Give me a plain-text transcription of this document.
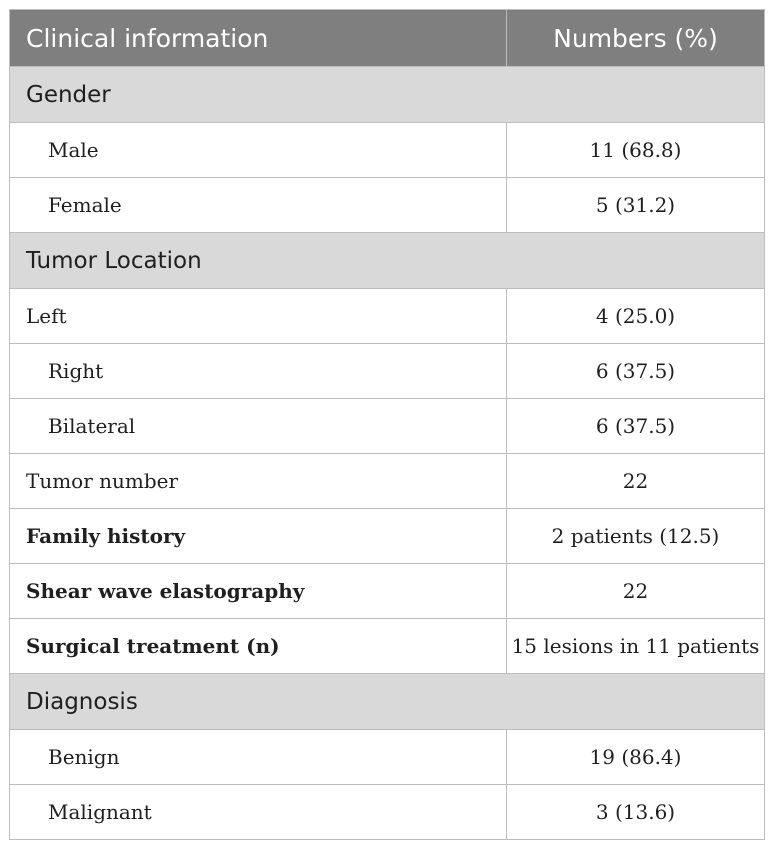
Clinical information	Numbers (%)
Gender	
Male	11 (68.8)
Female	5 (31.2)
Tumor Location	
Left	4 (25.0)
Right	6 (37.5)
Bilateral	6 (37.5)
Tumor number	22
Family history	2 patients (12.5)
Shear wave elastography	22
Surgical treatment (n)	15 lesions in 11 patients
Diagnosis	
Benign	19 (86.4)
Malignant	3 (13.6)
